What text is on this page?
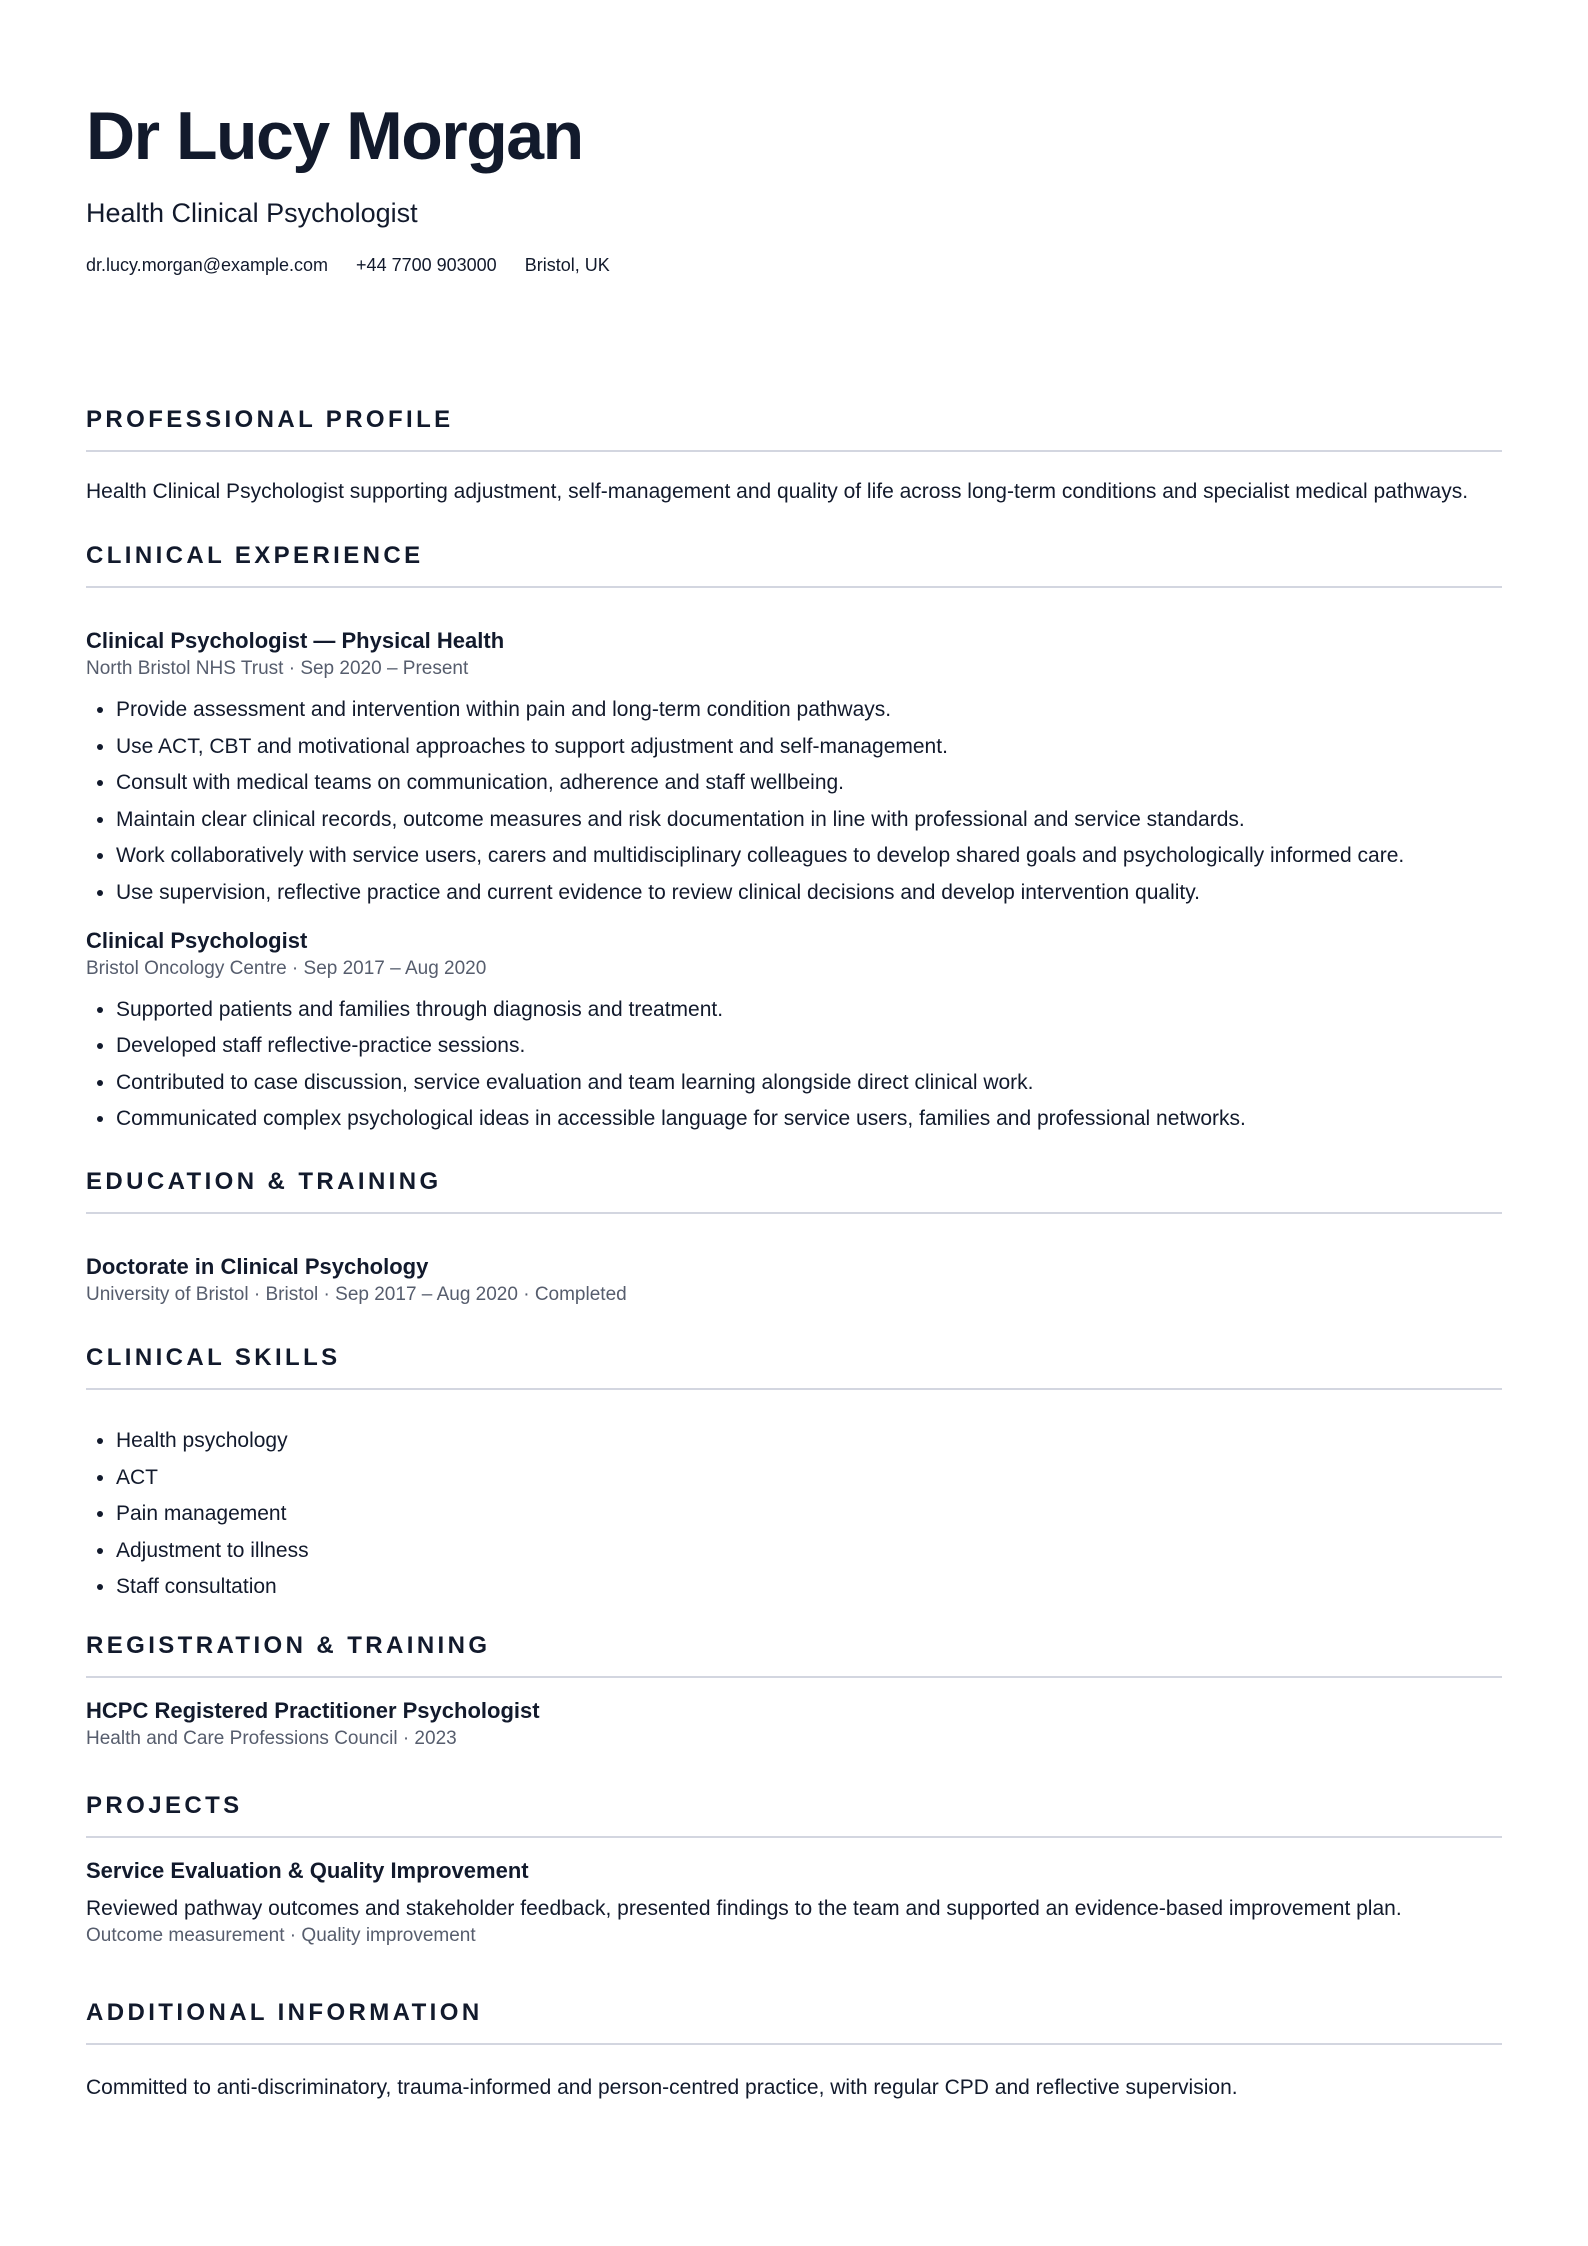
Dr Lucy Morgan
Health Clinical Psychologist
dr.lucy.morgan@example.com +44 7700 903000 Bristol, UK
PROFESSIONAL PROFILE
Health Clinical Psychologist supporting adjustment, self-management and quality of life across long-term conditions and specialist medical pathways.
CLINICAL EXPERIENCE
Clinical Psychologist — Physical Health
North Bristol NHS Trust · Sep 2020 – Present
• Provide assessment and intervention within pain and long-term condition pathways.
• Use ACT, CBT and motivational approaches to support adjustment and self-management.
• Consult with medical teams on communication, adherence and staff wellbeing.
• Maintain clear clinical records, outcome measures and risk documentation in line with professional and service standards.
• Work collaboratively with service users, carers and multidisciplinary colleagues to develop shared goals and psychologically informed care.
• Use supervision, reflective practice and current evidence to review clinical decisions and develop intervention quality.
Clinical Psychologist
Bristol Oncology Centre · Sep 2017 – Aug 2020
• Supported patients and families through diagnosis and treatment.
• Developed staff reflective-practice sessions.
• Contributed to case discussion, service evaluation and team learning alongside direct clinical work.
• Communicated complex psychological ideas in accessible language for service users, families and professional networks.
EDUCATION & TRAINING
Doctorate in Clinical Psychology
University of Bristol · Bristol · Sep 2017 – Aug 2020 · Completed
CLINICAL SKILLS
• Health psychology
• ACT
• Pain management
• Adjustment to illness
• Staff consultation
REGISTRATION & TRAINING
HCPC Registered Practitioner Psychologist
Health and Care Professions Council · 2023
PROJECTS
Service Evaluation & Quality Improvement
Reviewed pathway outcomes and stakeholder feedback, presented findings to the team and supported an evidence-based improvement plan.
Outcome measurement · Quality improvement
ADDITIONAL INFORMATION
Committed to anti-discriminatory, trauma-informed and person-centred practice, with regular CPD and reflective supervision.
